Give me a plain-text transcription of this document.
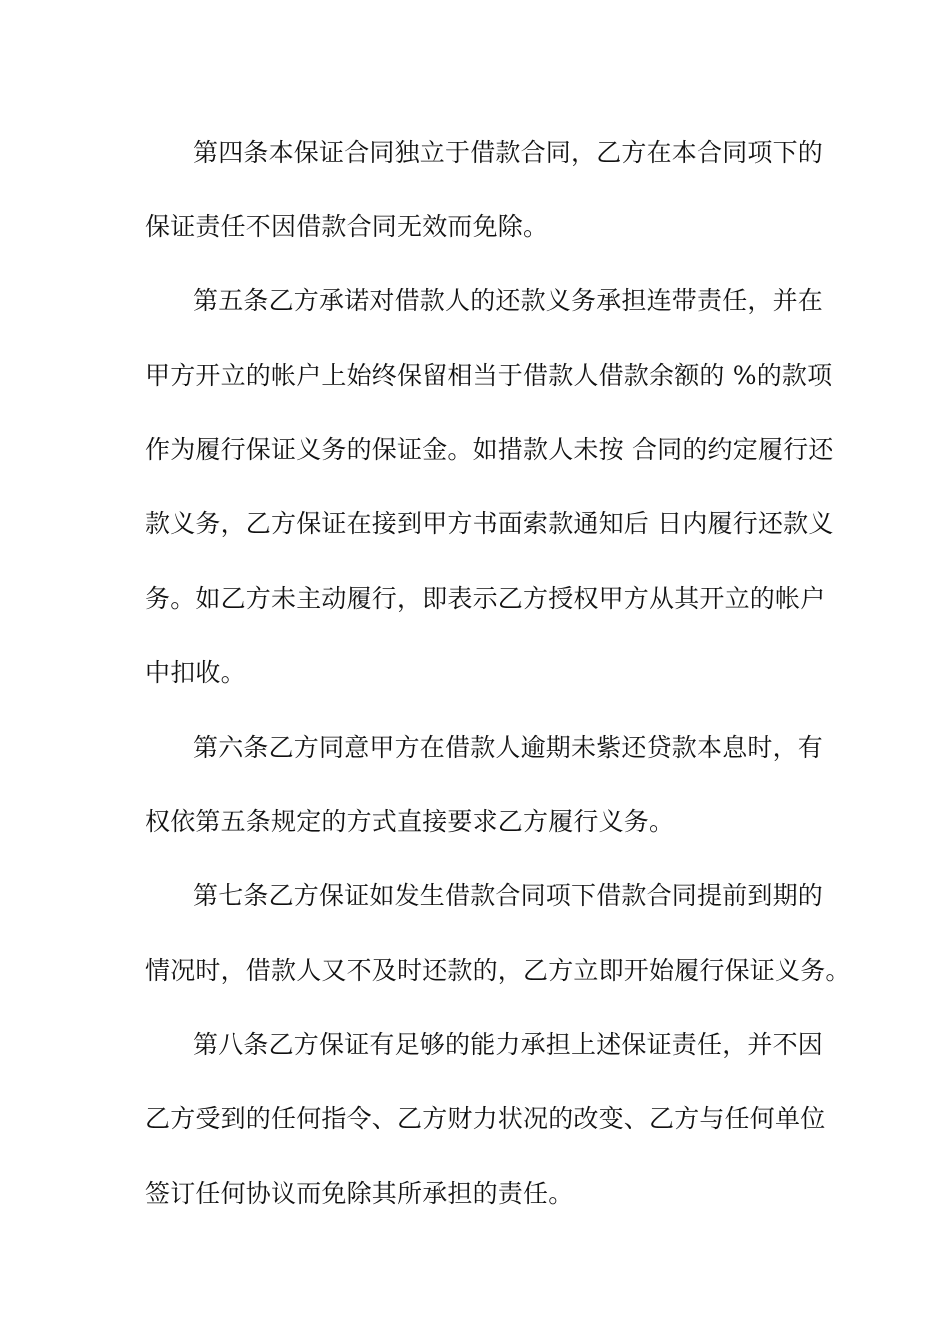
第四条本保证合同独立于借款合同，乙方在本合同项下的
保证责任不因借款合同无效而免除。
第五条乙方承诺对借款人的还款义务承担连带责任，并在
甲方开立的帐户上始终保留相当于借款人借款余额的 %的款项
作为履行保证义务的保证金。如措款人未按 合同的约定履行还
款义务，乙方保证在接到甲方书面索款通知后 日内履行还款义
务。如乙方未主动履行，即表示乙方授权甲方从其开立的帐户
中扣收。
第六条乙方同意甲方在借款人逾期未紫还贷款本息时，有
权依第五条规定的方式直接要求乙方履行义务。
第七条乙方保证如发生借款合同项下借款合同提前到期的
情况时，借款人又不及时还款的，乙方立即开始履行保证义务。
第八条乙方保证有足够的能力承担上述保证责任，并不因
乙方受到的任何指令、乙方财力状况的改变、乙方与任何单位
签订任何协议而免除其所承担的责任。
